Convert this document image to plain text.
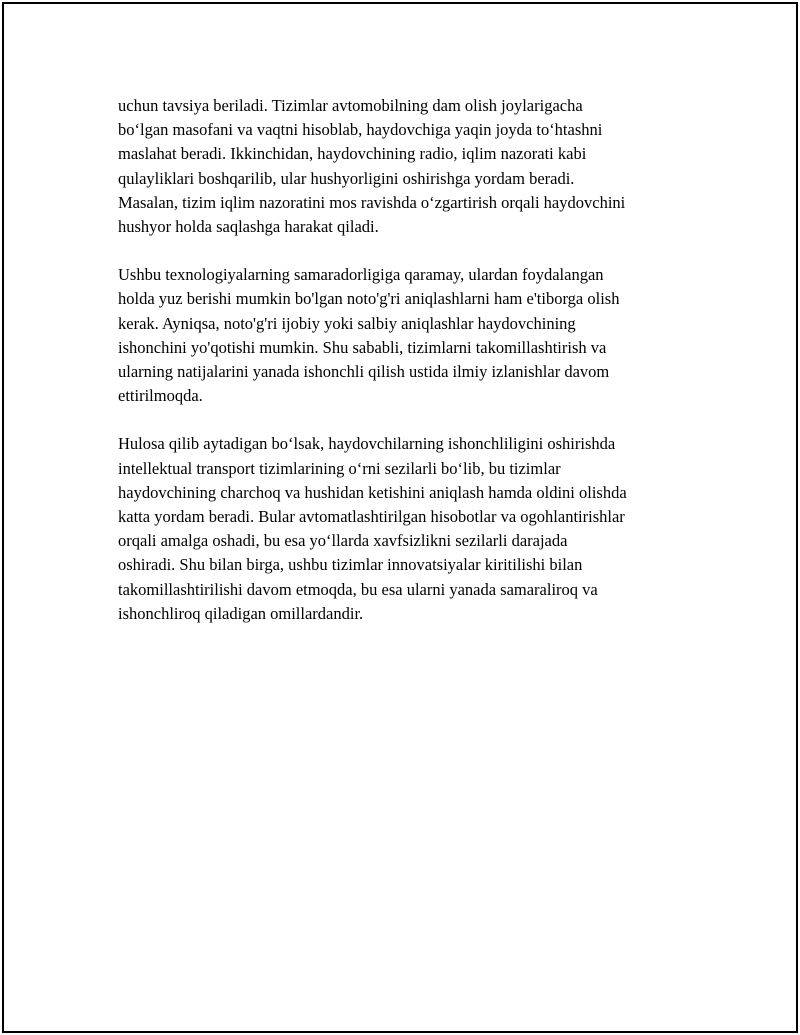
uchun tavsiya beriladi. Tizimlar avtomobilning dam olish joylarigacha
bo‘lgan masofani va vaqtni hisoblab, haydovchiga yaqin joyda to‘htashni
maslahat beradi. Ikkinchidan, haydovchining radio, iqlim nazorati kabi
qulayliklari boshqarilib, ular hushyorligini oshirishga yordam beradi.
Masalan, tizim iqlim nazoratini mos ravishda o‘zgartirish orqali haydovchini
hushyor holda saqlashga harakat qiladi.
Ushbu texnologiyalarning samaradorligiga qaramay, ulardan foydalangan
holda yuz berishi mumkin bo'lgan noto'g'ri aniqlashlarni ham e'tiborga olish
kerak. Ayniqsa, noto'g'ri ijobiy yoki salbiy aniqlashlar haydovchining
ishonchini yo'qotishi mumkin. Shu sababli, tizimlarni takomillashtirish va
ularning natijalarini yanada ishonchli qilish ustida ilmiy izlanishlar davom
ettirilmoqda.
Hulosa qilib aytadigan bo‘lsak, haydovchilarning ishonchliligini oshirishda
intellektual transport tizimlarining o‘rni sezilarli bo‘lib, bu tizimlar
haydovchining charchoq va hushidan ketishini aniqlash hamda oldini olishda
katta yordam beradi. Bular avtomatlashtirilgan hisobotlar va ogohlantirishlar
orqali amalga oshadi, bu esa yo‘llarda xavfsizlikni sezilarli darajada
oshiradi. Shu bilan birga, ushbu tizimlar innovatsiyalar kiritilishi bilan
takomillashtirilishi davom etmoqda, bu esa ularni yanada samaraliroq va
ishonchliroq qiladigan omillardandir.
